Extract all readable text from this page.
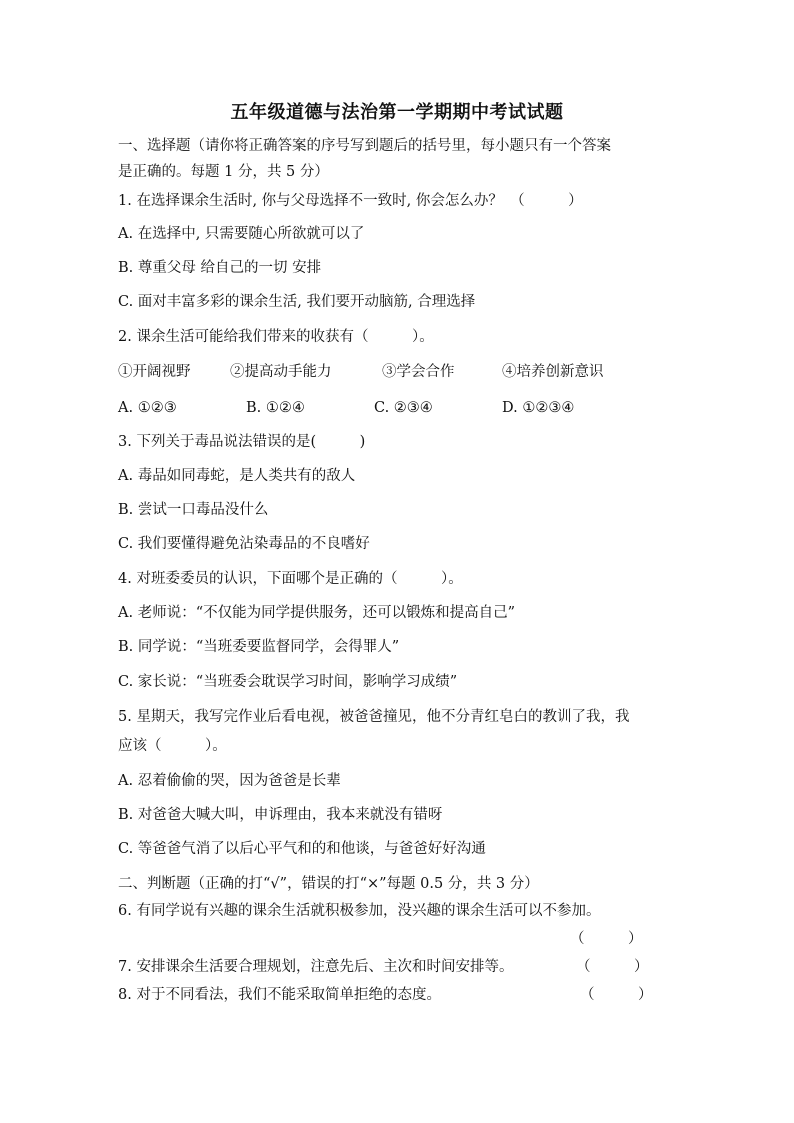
五年级道德与法治第一学期期中考试试题
一、选择题（请你将正确答案的序号写到题后的括号里，每小题只有一个答案
是正确的。每题 1 分，共 5 分）
1. 在选择课余生活时, 你与父母选择不一致时, 你会怎么办？　（　　　）
A. 在选择中, 只需要随心所欲就可以了
B. 尊重父母 给自己的一切 安排
C. 面对丰富多彩的课余生活, 我们要开动脑筋, 合理选择
2. 课余生活可能给我们带来的收获有（　　　）。
①开阔视野	②提高动手能力	③学会合作	④培养创新意识
A. ①②③	B. ①②④	C. ②③④	D. ①②③④
3. 下列关于毒品说法错误的是(　　　)
A. 毒品如同毒蛇，是人类共有的敌人
B. 尝试一口毒品没什么
C. 我们要懂得避免沾染毒品的不良嗜好
4. 对班委委员的认识，下面哪个是正确的（　　　）。
A. 老师说：“不仅能为同学提供服务，还可以锻炼和提高自己”
B. 同学说：“当班委要监督同学，会得罪人”
C. 家长说：“当班委会耽误学习时间，影响学习成绩”
5. 星期天，我写完作业后看电视，被爸爸撞见，他不分青红皂白的教训了我，我
应该（　　　）。
A. 忍着偷偷的哭，因为爸爸是长辈
B. 对爸爸大喊大叫，申诉理由，我本来就没有错呀
C. 等爸爸气消了以后心平气和的和他谈，与爸爸好好沟通
二、判断题（正确的打“√”，错误的打“×”每题 0.5 分，共 3 分）
6. 有同学说有兴趣的课余生活就积极参加，没兴趣的课余生活可以不参加。
（　　　）
7. 安排课余生活要合理规划，注意先后、主次和时间安排等。	（　　　）
8. 对于不同看法，我们不能采取简单拒绝的态度。	（　　　）
